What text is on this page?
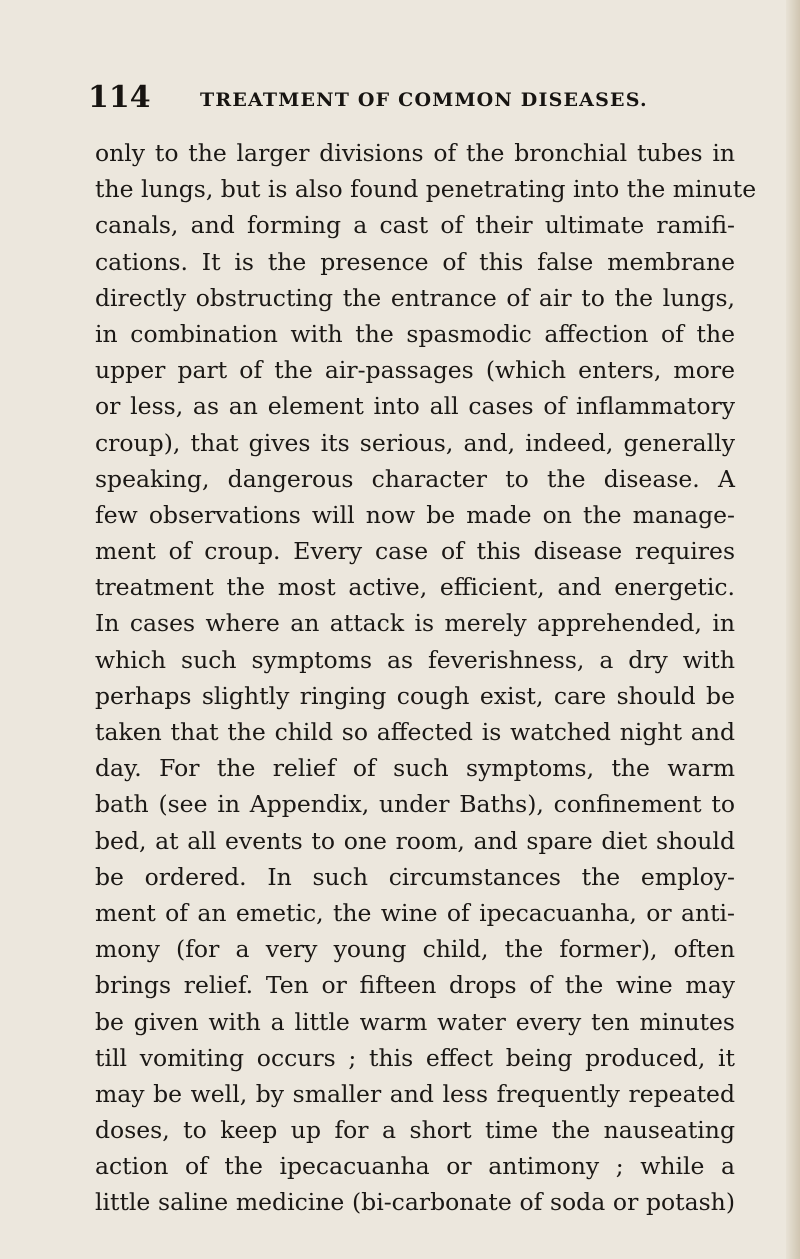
114	TREATMENT OF COMMON DISEASES.
only to the larger divisions of the bronchial tubes in
the lungs, but is also found penetrating into the minute
canals, and forming a cast of their ultimate ramifi-
cations. It is the presence of this false membrane
directly obstructing the entrance of air to the lungs,
in combination with the spasmodic affection of the
upper part of the air-passages (which enters, more
or less, as an element into all cases of inflammatory
croup), that gives its serious, and, indeed, generally
speaking, dangerous character to the disease. A
few observations will now be made on the manage-
ment of croup. Every case of this disease requires
treatment the most active, efficient, and energetic.
In cases where an attack is merely apprehended, in
which such symptoms as feverishness, a dry with
perhaps slightly ringing cough exist, care should be
taken that the child so affected is watched night and
day. For the relief of such symptoms, the warm
bath (see in Appendix, under Baths), confinement to
bed, at all events to one room, and spare diet should
be ordered. In such circumstances the employ-
ment of an emetic, the wine of ipecacuanha, or anti-
mony (for a very young child, the former), often
brings relief. Ten or fifteen drops of the wine may
be given with a little warm water every ten minutes
till vomiting occurs ; this effect being produced, it
may be well, by smaller and less frequently repeated
doses, to keep up for a short time the nauseating
action of the ipecacuanha or antimony ; while a
little saline medicine (bi-carbonate of soda or potash)
